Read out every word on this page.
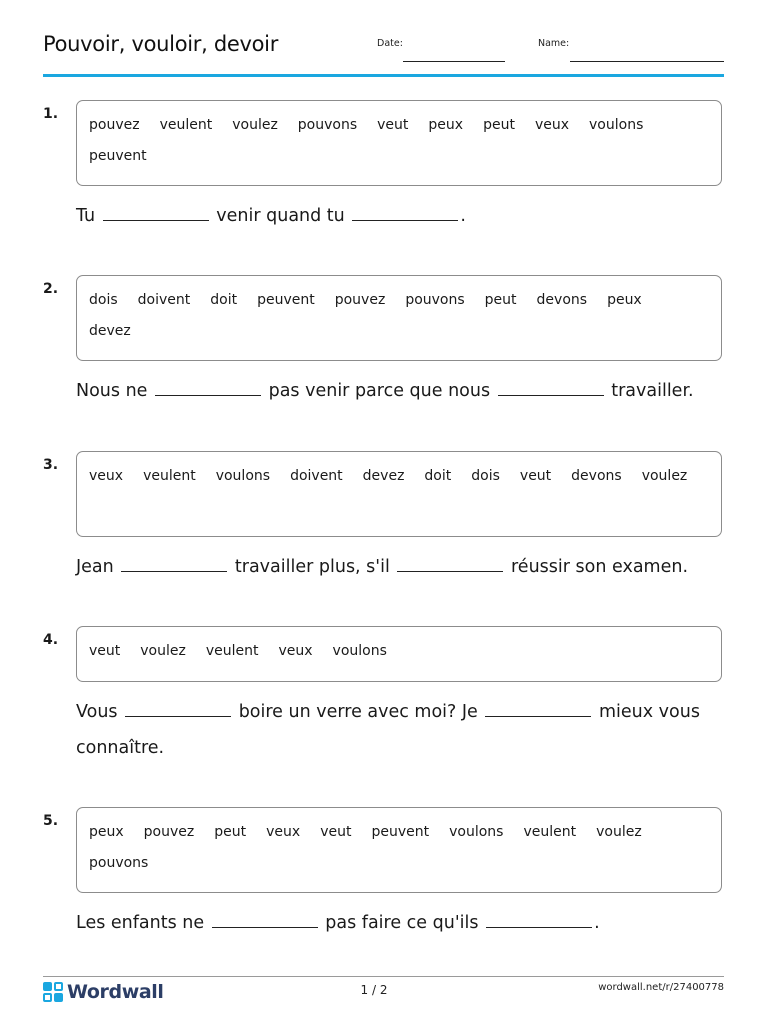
Pouvoir, vouloir, devoir	Date:	Name:
1.
pouvez veulent voulez pouvons veut peux peut veux voulonspeuvent
Tu	venir quand tu	.
2.
dois doivent doit peuvent pouvez pouvons peut devons peuxdevez
Nous ne	pas venir parce que nous	travailler.
3.
veux veulent voulons doivent devez doit dois veut devons voulez
Jean	travailler plus, s'il	réussir son examen.
4.
veut voulez veulent veux voulons
Vous	boire un verre avec moi? Je	mieux vous connaître.
5.
peux pouvez peut veux veut peuvent voulons veulent voulezpouvons
Les enfants ne	pas faire ce qu'ils	.
Wordwall	1 / 2	wordwall.net/r/27400778
